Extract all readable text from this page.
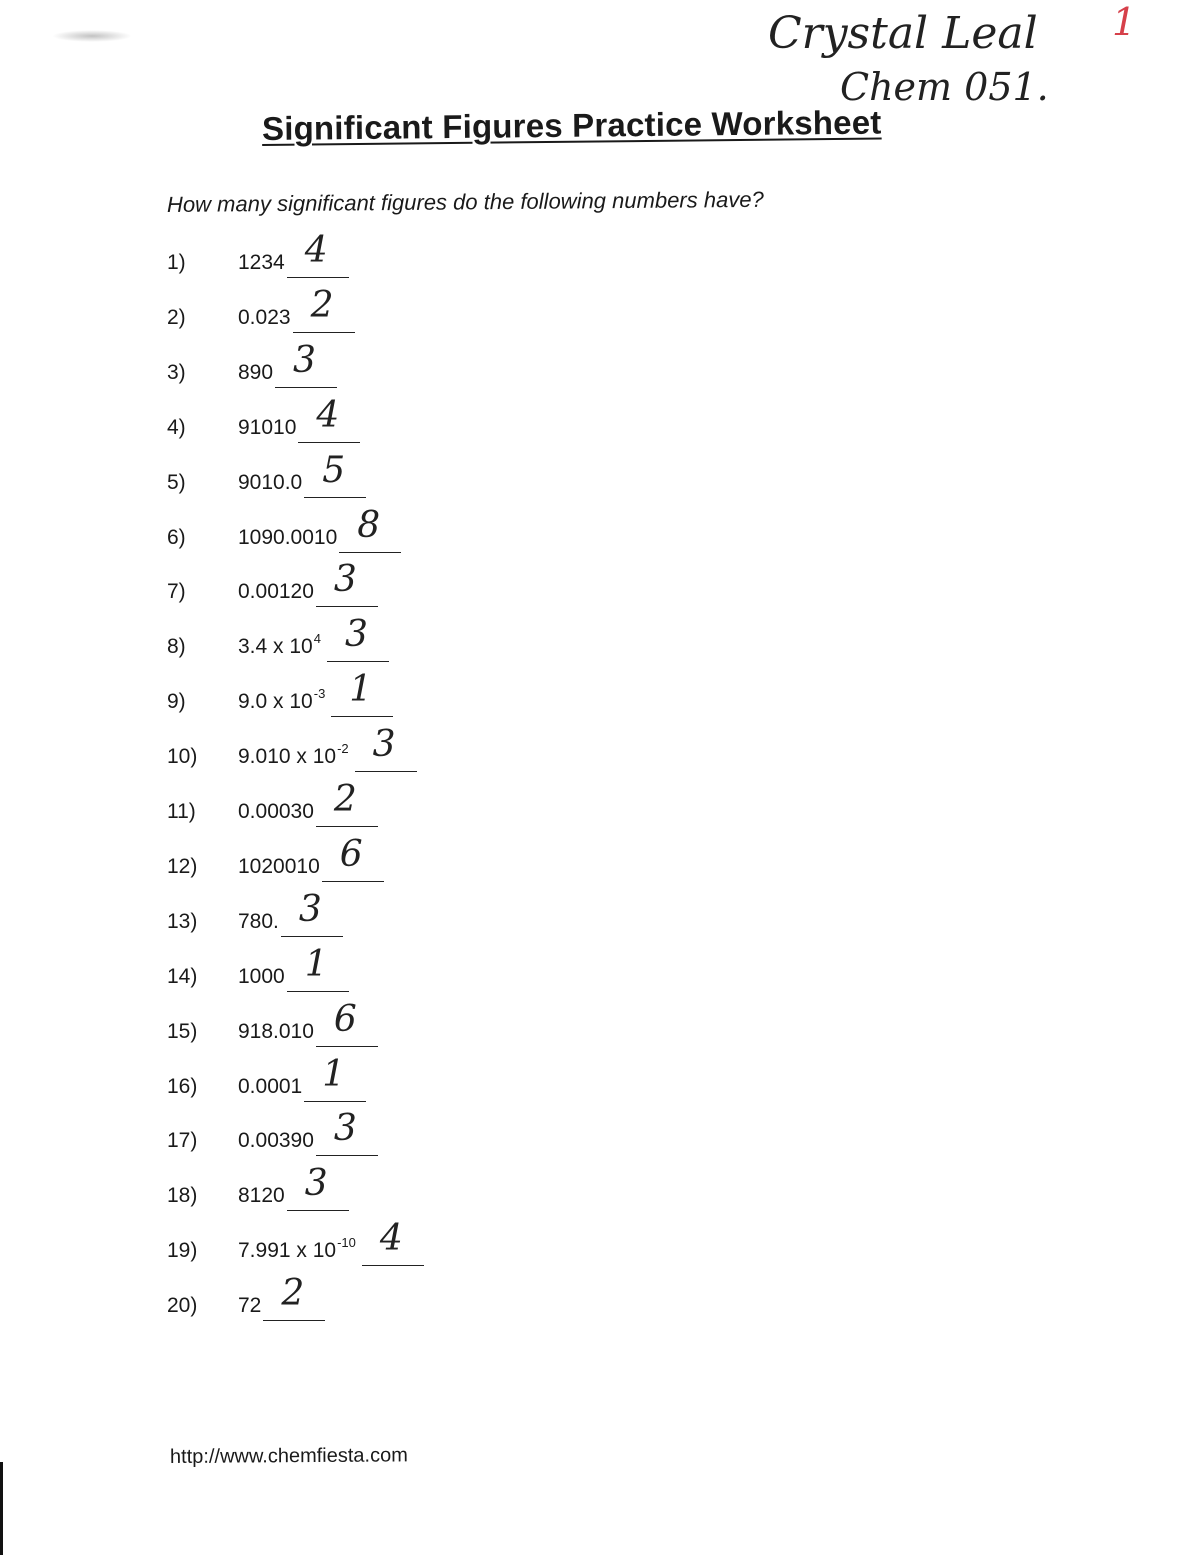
Crystal Leal
Chem 051.
1
Significant Figures Practice Worksheet
How many significant figures do the following numbers have?
1) 1234 4
2) 0.023 2
3) 890 3
4) 91010 4
5) 9010.0 5
6) 1090.0010 8
7) 0.00120 3
8) 3.4 x $10^4$ 3
9) 9.0 x $10^{-3}$ 1
10) 9.010 x $10^{-2}$ 3
11) 0.00030 2
12) 1020010 6
13) 780. 3
14) 1000 1
15) 918.010 6
16) 0.0001 1
17) 0.00390 3
18) 8120 3
19) 7.991 x $10^{-10}$ 4
20) 72 2
http://www.chemfiesta.com
